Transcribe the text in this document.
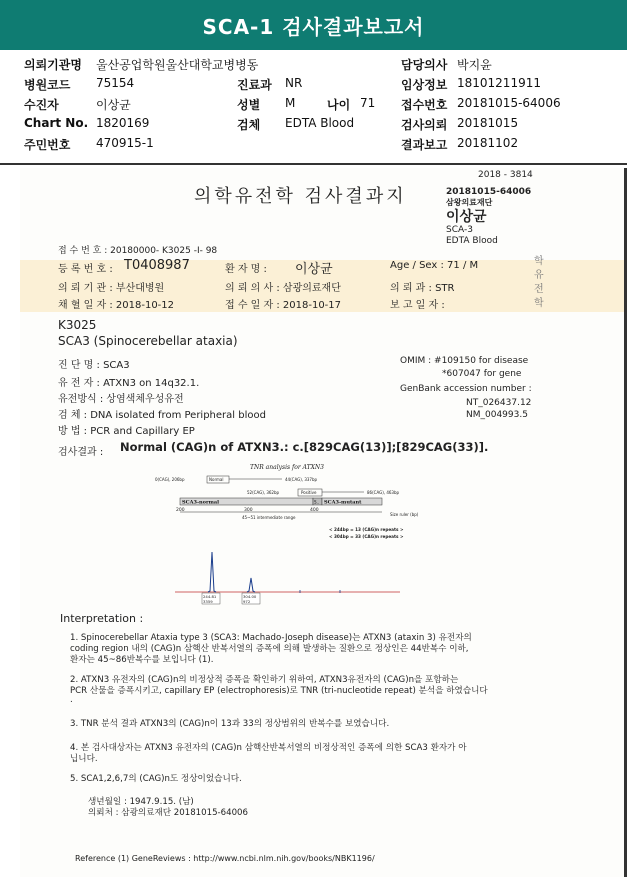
SCA-1 검사결과보고서
의뢰기관명 울산공업학원울산대학교병병동	담당의사 박지윤
병원코드 75154	진료과 NR	임상정보 18101211911
수진자	이상균	성별 M	나이 71 접수번호 20181015-64006
Chart No. 1820169	검체 EDTA Blood	검사의뢰 20181015
주민번호 470915-1	결과보고 20181102
2018 - 3814
의학유전학 검사결과지	20181015-64006
삼왕의료재단
이상균
SCA-3
EDTA Blood
학
유
전
학
접 수 번 호 : 20180000- K3025 -I- 98
등 록 번 호 : T0408987	환 자 명 : 이상균	Age / Sex : 71 / M
의 뢰 기 관 : 부산대병원	의 뢰 의 사 : 삼광의료재단	의 뢰 과 : STR
채 혈 일 자 : 2018-10-12	접 수 일 자 : 2018-10-17	보 고 일 자 :
K3025
SCA3 (Spinocerebellar ataxia)
진 단 명 : SCA3
유 전 자 : ATXN3 on 14q32.1.
유전방식 : 상염색체우성유전
검 체 : DNA isolated from Peripheral blood
방 법 : PCR and Capillary EP
OMIM : #109150 for disease
*607047 for gene
GenBank accession number :
NT_026437.12
NM_004993.5
검사결과 : Normal (CAG)n of ATXN3.: c.[829CAG(13)];[829CAG(33)].
TNR analysis for ATXN3
0(CAG), 206bp	Normal	44(CAG), 337bp
52(CAG), 362bp	Positive	86(CAG), 463bp
SCA3-normal	S.. SCA3-mutant
200	300	400
Size ruler (bp)
45~51 intermediate range
< 244bp = 13 (CAG)n repeats >
< 304bp = 33 (CAG)n repeats >
244.81
3359
304.00
972
Interpretation :
1. Spinocerebellar Ataxia type 3 (SCA3: Machado-Joseph disease)는 ATXN3 (ataxin 3) 유전자의
coding region 내의 (CAG)n 삼핵산 반복서열의 증폭에 의해 발생하는 질환으로 정상인은 44반복수 이하,
환자는 45~86반복수를 보입니다 (1).
2. ATXN3 유전자의 (CAG)n의 비정상적 증폭을 확인하기 위하여, ATXN3유전자의 (CAG)n을 포함하는
PCR 산물을 증폭시키고, capillary EP (electrophoresis)로 TNR (tri-nucleotide repeat) 분석을 하였습니다
.
3. TNR 분석 결과 ATXN3의 (CAG)n이 13과 33의 정상범위의 반복수를 보였습니다.
4. 본 검사대상자는 ATXN3 유전자의 (CAG)n 삼핵산반복서열의 비정상적인 증폭에 의한 SCA3 환자가 아
닙니다.
5. SCA1,2,6,7의 (CAG)n도 정상이었습니다.
생년월일 : 1947.9.15. (남)
의뢰처 : 삼광의료재단 20181015-64006
Reference (1) GeneReviews : http://www.ncbi.nlm.nih.gov/books/NBK1196/
